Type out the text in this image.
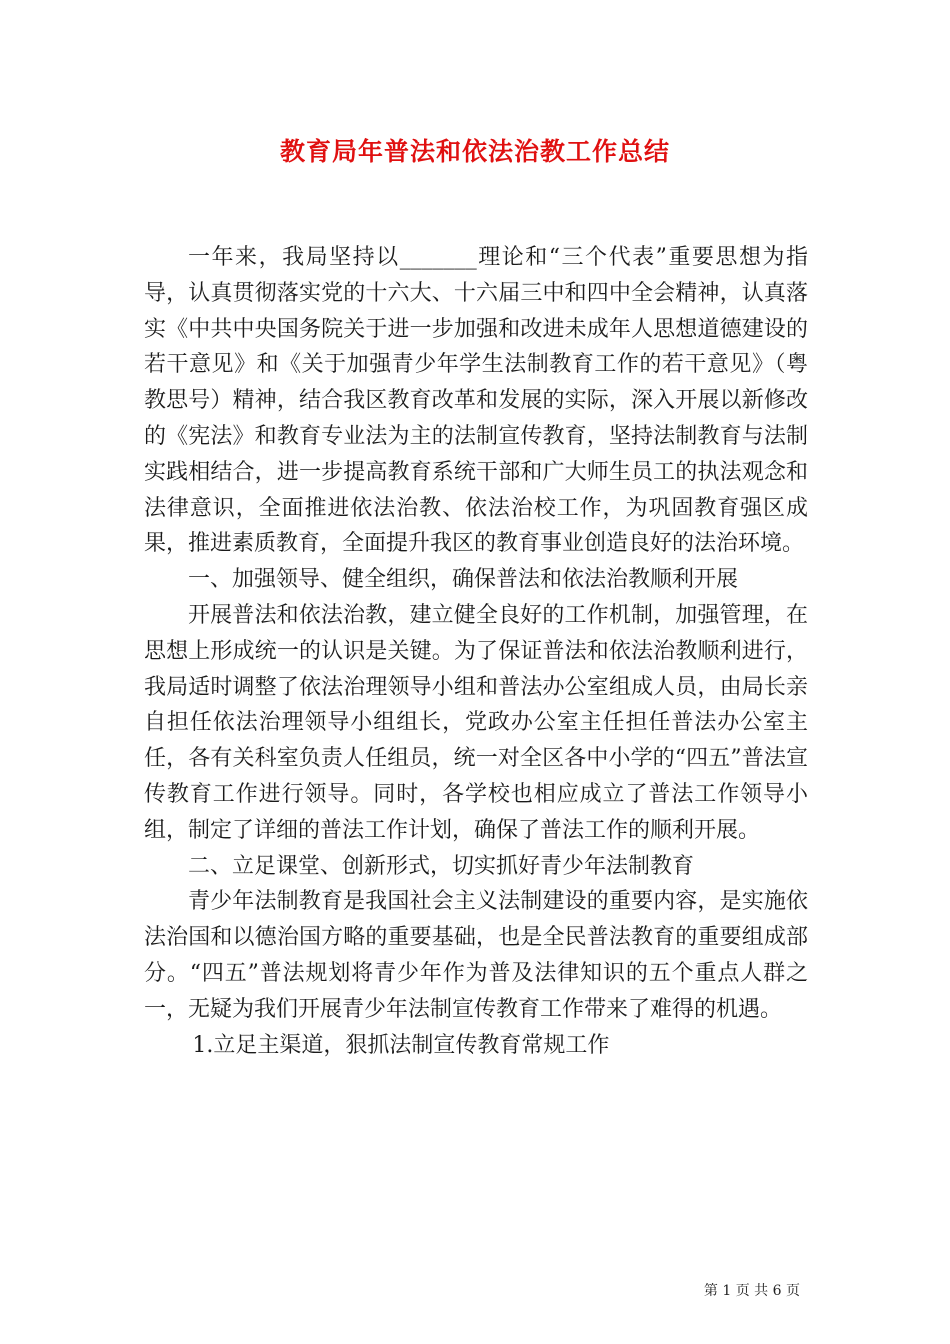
教育局年普法和依法治教工作总结

一年来，我局坚持以_______理论和“三个代表”重要思想为指导，认真贯彻落实党的十六大、十六届三中和四中全会精神，认真落实《中共中央国务院关于进一步加强和改进未成年人思想道德建设的若干意见》和《关于加强青少年学生法制教育工作的若干意见》（粤教思号）精神，结合我区教育改革和发展的实际，深入开展以新修改的《宪法》和教育专业法为主的法制宣传教育，坚持法制教育与法制实践相结合，进一步提高教育系统干部和广大师生员工的执法观念和法律意识，全面推进依法治教、依法治校工作，为巩固教育强区成果，推进素质教育，全面提升我区的教育事业创造良好的法治环境。

一、加强领导、健全组织，确保普法和依法治教顺利开展

开展普法和依法治教，建立健全良好的工作机制，加强管理，在思想上形成统一的认识是关键。为了保证普法和依法治教顺利进行，我局适时调整了依法治理领导小组和普法办公室组成人员，由局长亲自担任依法治理领导小组组长，党政办公室主任担任普法办公室主任，各有关科室负责人任组员，统一对全区各中小学的“四五”普法宣传教育工作进行领导。同时，各学校也相应成立了普法工作领导小组，制定了详细的普法工作计划，确保了普法工作的顺利开展。

二、立足课堂、创新形式，切实抓好青少年法制教育

青少年法制教育是我国社会主义法制建设的重要内容，是实施依法治国和以德治国方略的重要基础，也是全民普法教育的重要组成部分。“四五”普法规划将青少年作为普及法律知识的五个重点人群之一，无疑为我们开展青少年法制宣传教育工作带来了难得的机遇。

1.立足主渠道，狠抓法制宣传教育常规工作

第 1 页 共 6 页
